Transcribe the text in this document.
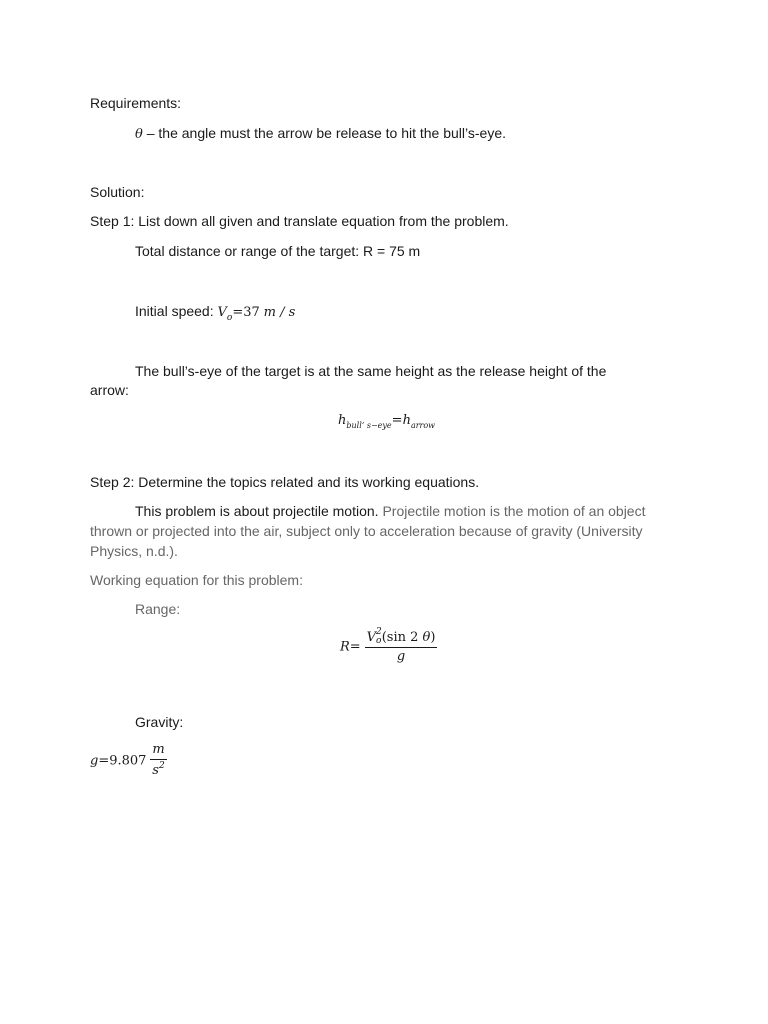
Requirements:
θ – the angle must the arrow be release to hit the bull’s-eye.
Solution:
Step 1: List down all given and translate equation from the problem.
Total distance or range of the target: R = 75 m
Initial speed: $V_o=37$ m / s
The bull’s-eye of the target is at the same height as the release height of the
arrow:
$h_{bull’ s-eye}=h_{arrow}$
Step 2: Determine the topics related and its working equations.
This problem is about projectile motion. Projectile motion is the motion of an object thrown or projected into the air, subject only to acceleration because of gravity (University Physics, n.d.).
Working equation for this problem:
Range:
R= V 2
o (sin 2 θ)
g
Gravity:
$g=9.807 \frac{m}{s^2}$
